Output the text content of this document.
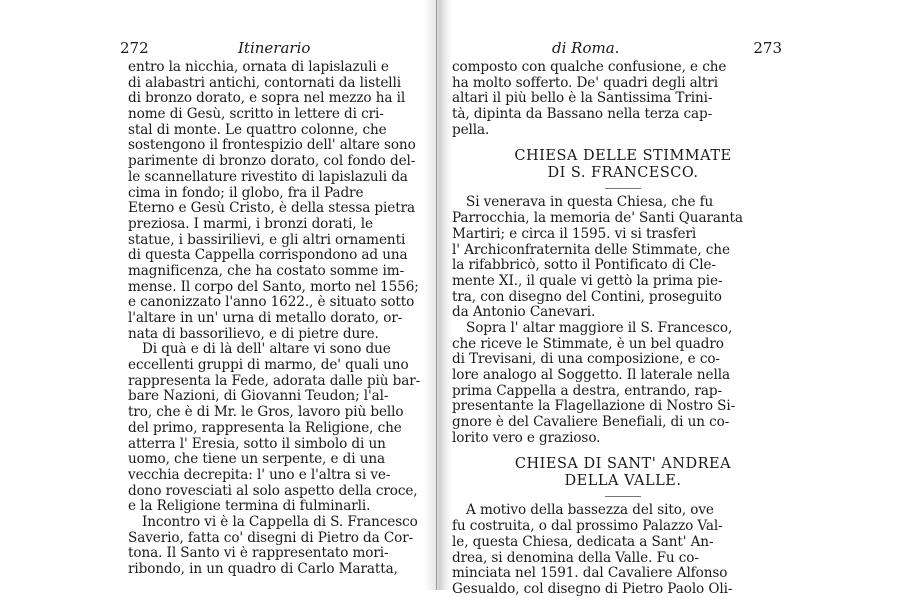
272	Itinerario
entro la nicchia, ornata di lapislazuli e
di alabastri antichi, contornati da listelli
di bronzo dorato, e sopra nel mezzo ha il
nome di Gesù, scritto in lettere di cri-
stal di monte. Le quattro colonne, che
sostengono il frontespizio dell' altare sono
parimente di bronzo dorato, col fondo del-
le scannellature rivestito di lapislazuli da
cima in fondo; il globo, fra il Padre
Eterno e Gesù Cristo, è della stessa pietra
preziosa. I marmi, i bronzi dorati, le
statue, i bassirilievi, e gli altri ornamenti
di questa Cappella corrispondono ad una
magnificenza, che ha costato somme im-
mense. Il corpo del Santo, morto nel 1556;
e canonizzato l'anno 1622., è situato sotto
l'altare in un' urna di metallo dorato, or-
nata di bassorilievo, e di pietre dure.
Di quà e di là dell' altare vi sono due
eccellenti gruppi di marmo, de' quali uno
rappresenta la Fede, adorata dalle più bar-
bare Nazioni, di Giovanni Teudon; l'al-
tro, che è di Mr. le Gros, lavoro più bello
del primo, rappresenta la Religione, che
atterra l' Eresia, sotto il simbolo di un
uomo, che tiene un serpente, e di una
vecchia decrepita: l' uno e l'altra si ve-
dono rovesciati al solo aspetto della croce,
e la Religione termina di fulminarli.
Incontro vi è la Cappella di S. Francesco
Saverio, fatta co' disegni di Pietro da Cor-
tona. Il Santo vi è rappresentato mori-
ribondo, in un quadro di Carlo Maratta,
di Roma.	273
composto con qualche confusione, e che
ha molto sofferto. De' quadri degli altri
altari il più bello è la Santissima Trini-
tà, dipinta da Bassano nella terza cap-
pella.
CHIESA DELLE STIMMATE
DI S. FRANCESCO.
Si venerava in questa Chiesa, che fu
Parrocchia, la memoria de' Santi Quaranta
Martiri; e circa il 1595. vi si trasferì
l' Archiconfraternita delle Stimmate, che
la rifabbricò, sotto il Pontificato di Cle-
mente XI., il quale vi gettò la prima pie-
tra, con disegno del Contini, proseguito
da Antonio Canevari.
Sopra l' altar maggiore il S. Francesco,
che riceve le Stimmate, è un bel quadro
di Trevisani, di una composizione, e co-
lore analogo al Soggetto. Il laterale nella
prima Cappella a destra, entrando, rap-
presentante la Flagellazione di Nostro Si-
gnore è del Cavaliere Benefiali, di un co-
lorito vero e grazioso.
CHIESA DI SANT' ANDREA
DELLA VALLE.
A motivo della bassezza del sito, ove
fu costruita, o dal prossimo Palazzo Val-
le, questa Chiesa, dedicata a Sant' An-
drea, si denomina della Valle. Fu co-
minciata nel 1591. dal Cavaliere Alfonso
Gesualdo, col disegno di Pietro Paolo Oli-
